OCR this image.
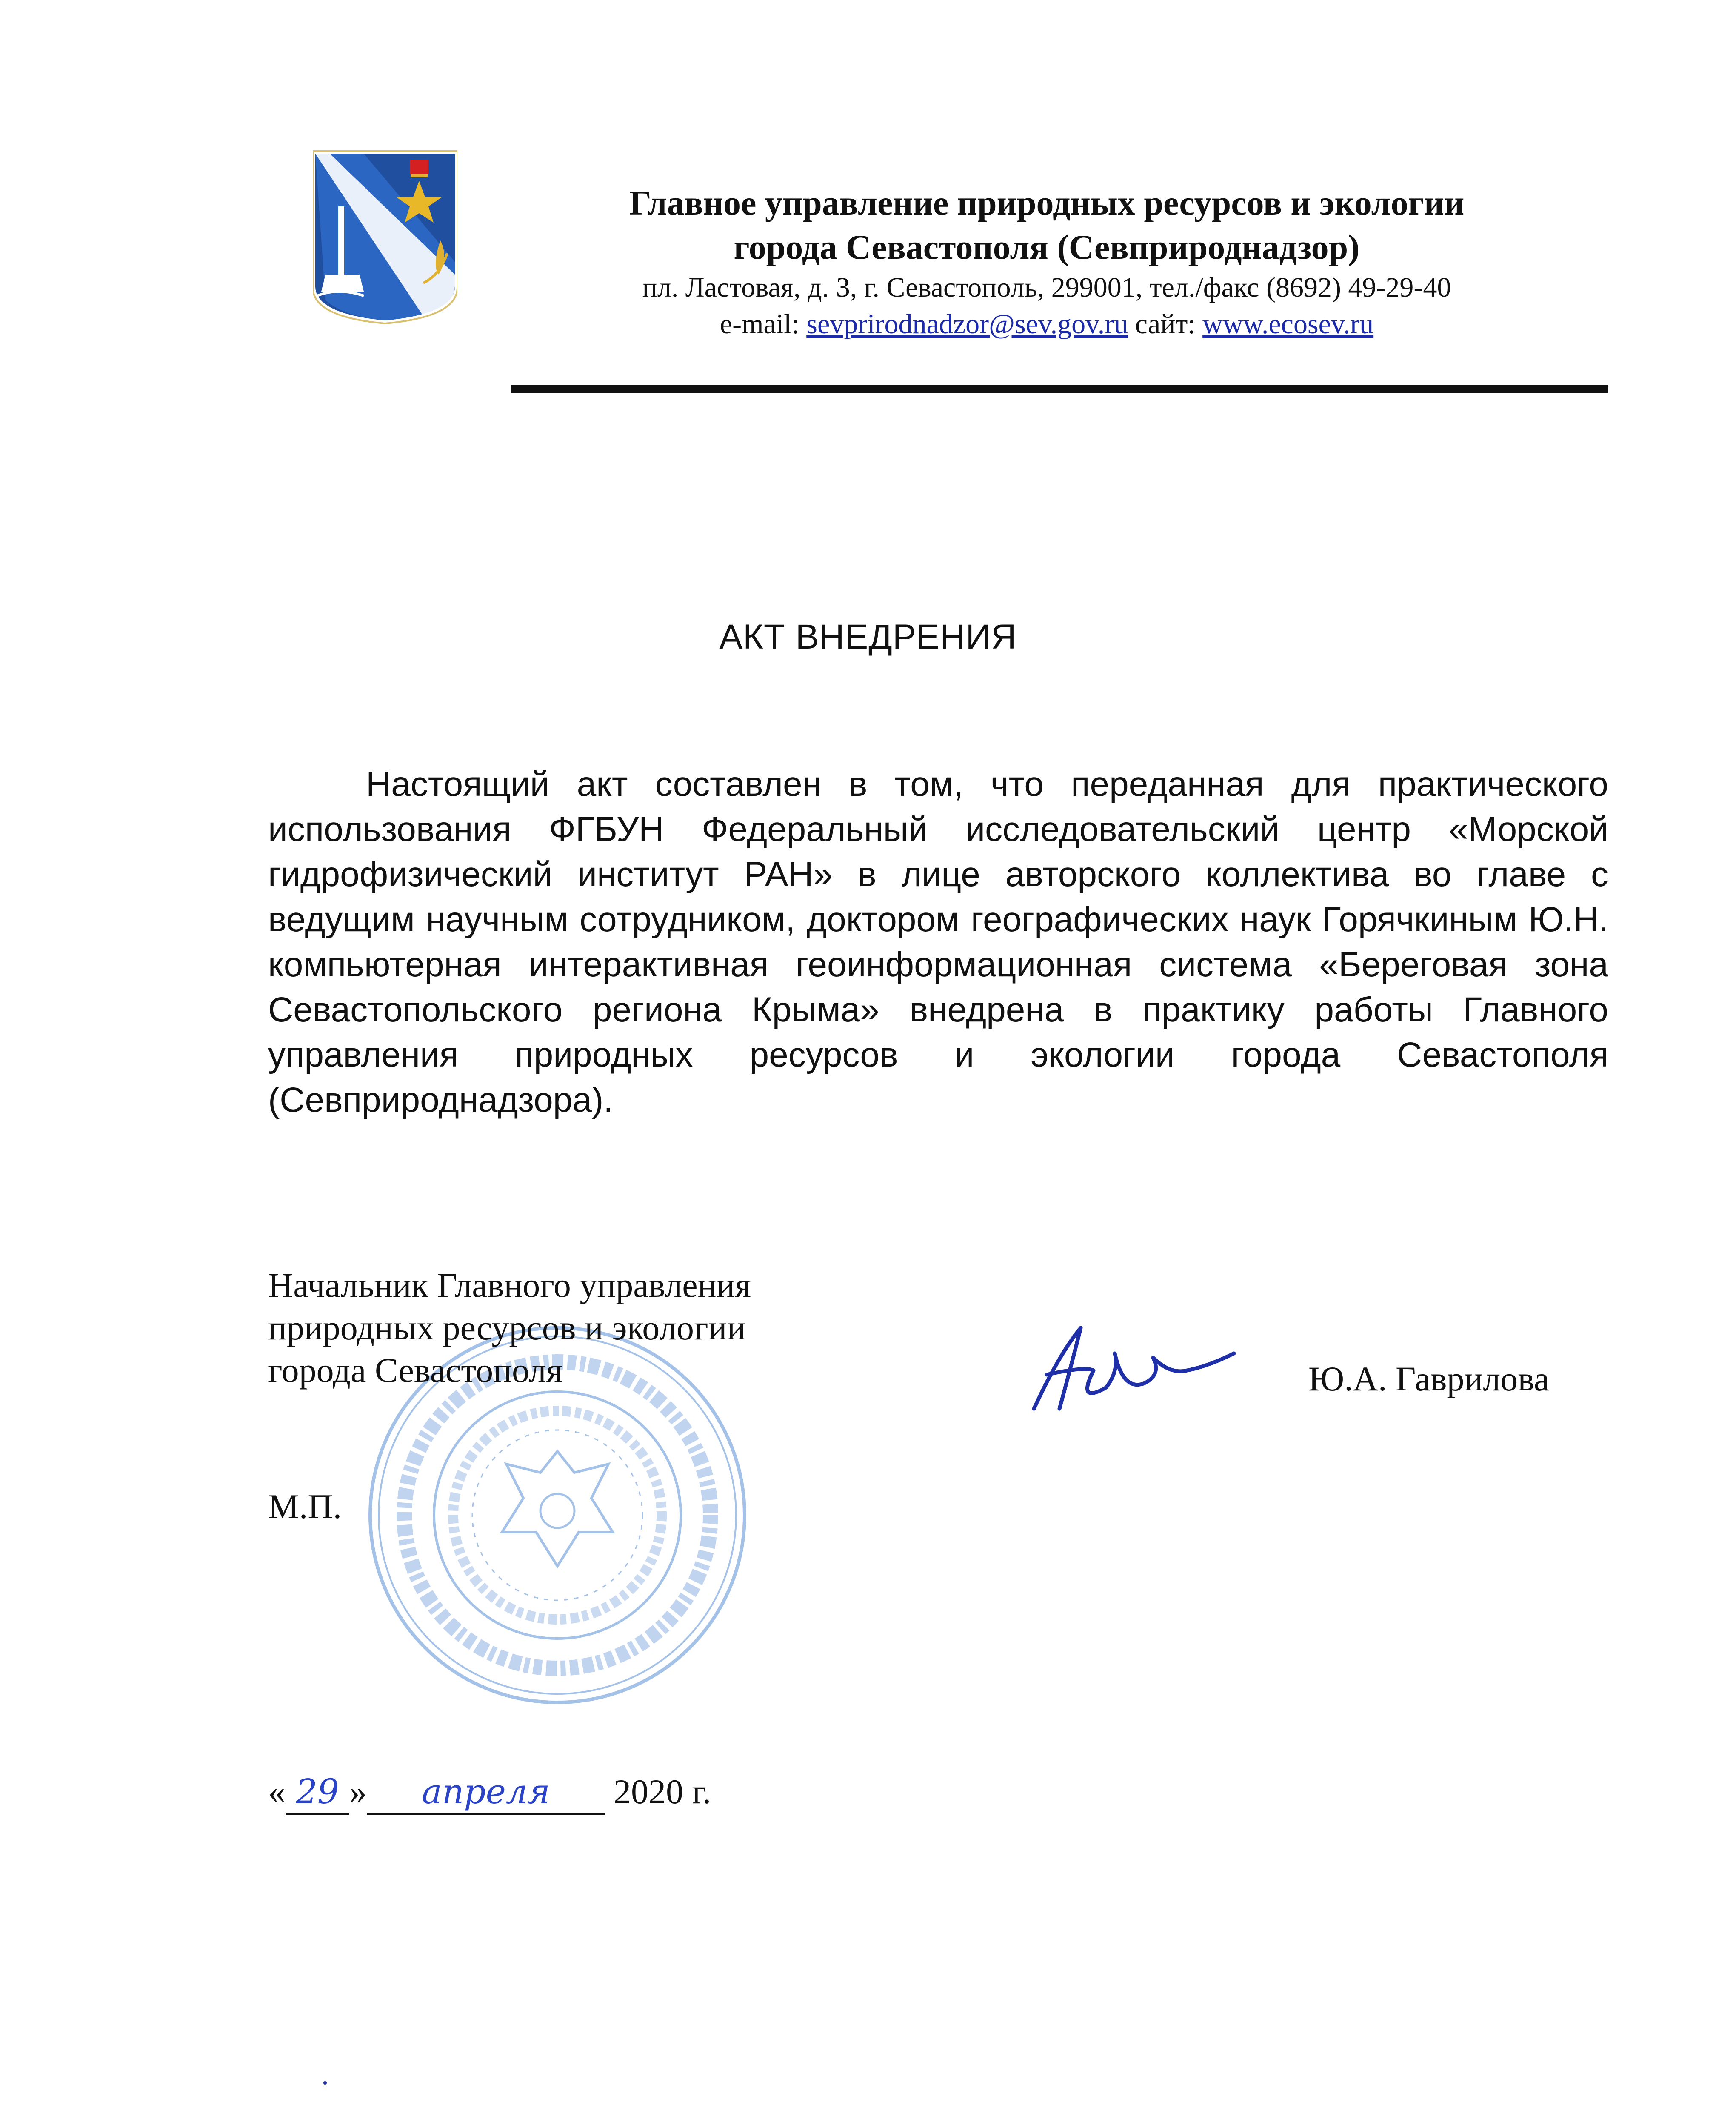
Главное управление природных ресурсов и экологии

города Севастополя (Севприроднадзор)

пл. Ластовая, д. 3, г. Севастополь, 299001, тел./факс (8692) 49-29-40

e-mail: sevprirodnadzor@sev.gov.ru сайт: www.ecosev.ru

АКТ ВНЕДРЕНИЯ

Настоящий акт составлен в том, что переданная для практического использования ФГБУН Федеральный исследовательский центр «Морской гидрофизический институт РАН» в лице авторского коллектива во главе с ведущим научным сотрудником, доктором географических наук Горячкиным Ю.Н. компьютерная интерактивная геоинформационная система «Береговая зона Севастопольского региона Крыма» внедрена в практику работы Главного управления природных ресурсов и экологии города Севастополя (Севприроднадзора).

Начальник Главного управления
природных ресурсов и экологии
города Севастополя	Ю.А. Гаврилова
М.П.
« 29 » апреля 2020 г.
